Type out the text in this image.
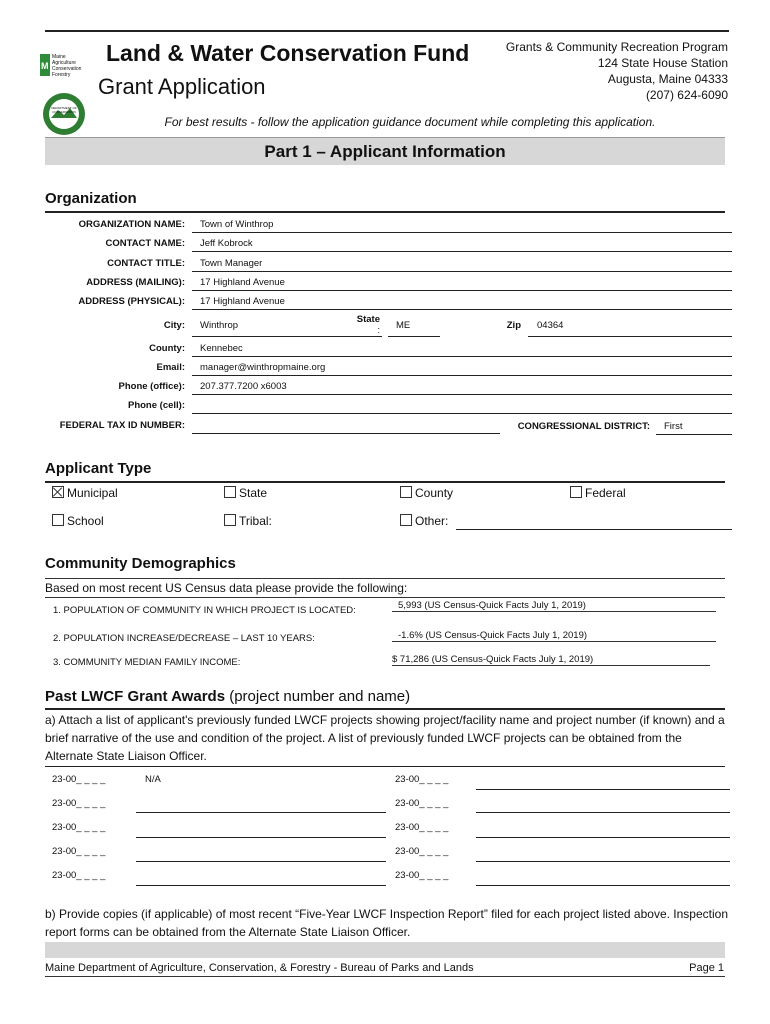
M
Maine
Agriculture
Conservation
Forestry
DEPARTMENT OF CONSERVATION
Land & Water Conservation Fund
Grant Application
Grants & Community Recreation Program
124 State House Station
Augusta, Maine 04333
(207) 624-6090
For best results - follow the application guidance document while completing this application.
Part 1 – Applicant Information
Organization
ORGANIZATION NAME: Town of Winthrop
CONTACT NAME: Jeff Kobrock
CONTACT TITLE: Town Manager
ADDRESS (MAILING): 17 Highland Avenue
ADDRESS (PHYSICAL): 17 Highland Avenue
City: Winthrop
State
: ME	Zip 04364
County: Kennebec
Email: manager@winthropmaine.org
Phone (office): 207.377.7200 x6003
Phone (cell):
FEDERAL TAX ID NUMBER:	CONGRESSIONAL DISTRICT: First
Applicant Type
Municipal	State	County	Federal
School	Tribal:	Other:
Community Demographics
Based on most recent US Census data please provide the following:
1. POPULATION OF COMMUNITY IN WHICH PROJECT IS LOCATED:	5,993 (US Census-Quick Facts July 1, 2019)
2. POPULATION INCREASE/DECREASE – LAST 10 YEARS:	-1.6% (US Census-Quick Facts July 1, 2019)
3. COMMUNITY MEDIAN FAMILY INCOME:	$ 71,286 (US Census-Quick Facts July 1, 2019)
Past LWCF Grant Awards (project number and name)
a) Attach a list of applicant's previously funded LWCF projects showing project/facility name and project number (if known) and a brief narrative of the use and condition of the project. A list of previously funded LWCF projects can be obtained from the Alternate State Liaison Officer.
23-00_ _ _ _	N/A	23-00_ _ _ _
23-00_ _ _ _	23-00_ _ _ _
23-00_ _ _ _	23-00_ _ _ _
23-00_ _ _ _	23-00_ _ _ _
23-00_ _ _ _	23-00_ _ _ _
b) Provide copies (if applicable) of most recent “Five-Year LWCF Inspection Report” filed for each project listed above. Inspection report forms can be obtained from the Alternate State Liaison Officer.
Maine Department of Agriculture, Conservation, & Forestry - Bureau of Parks and Lands	Page 1
